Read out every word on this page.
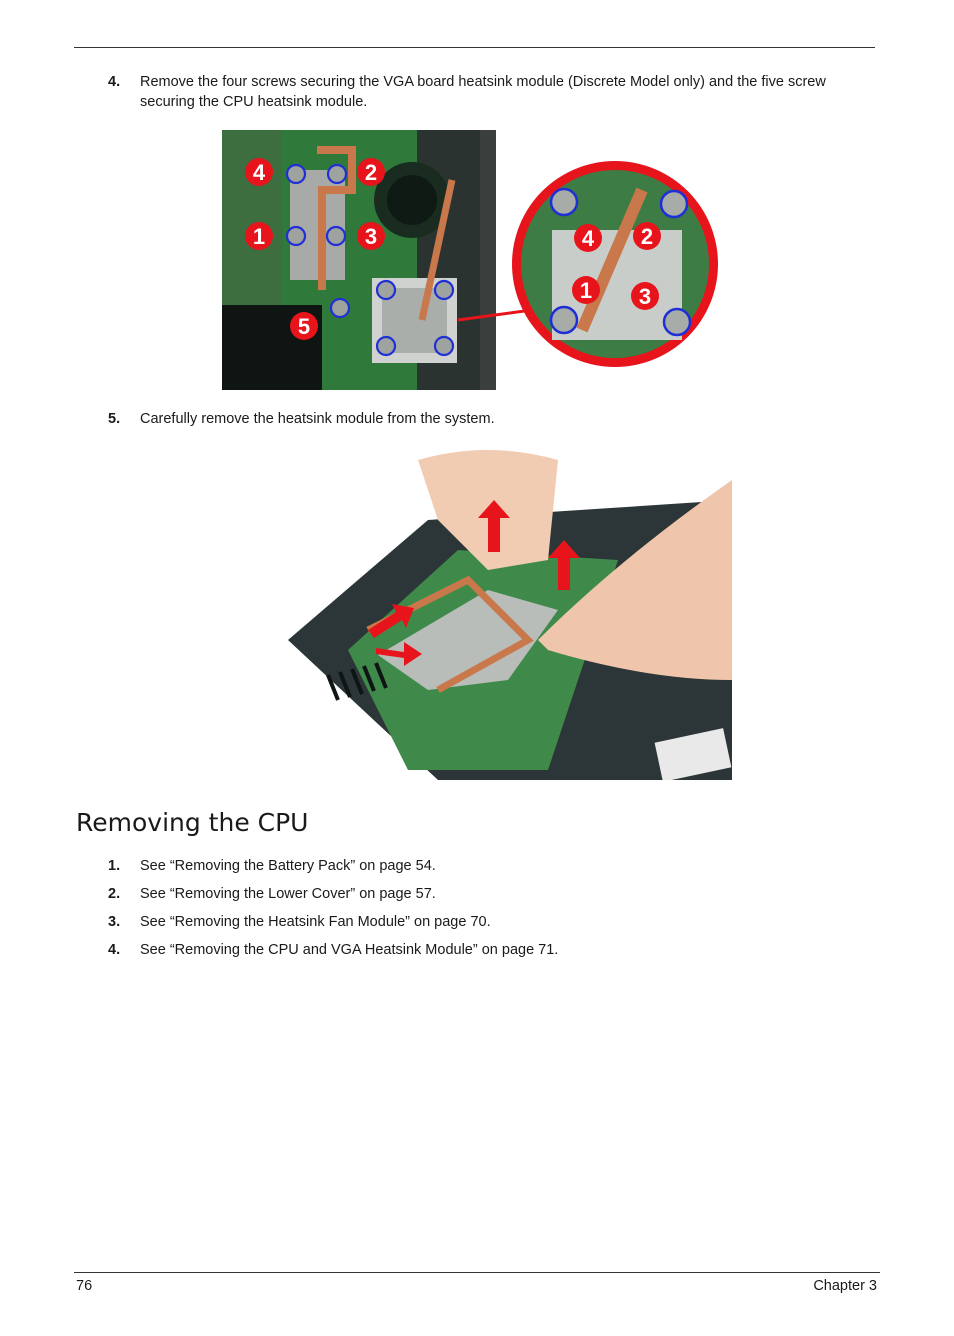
4. Remove the four screws securing the VGA board heatsink module (Discrete Model only) and the five screw securing the CPU heatsink module.
4	2
1	3
5
4 2
1 3
5. Carefully remove the heatsink module from the system.
Removing the CPU
1. See “Removing the Battery Pack” on page 54.
2. See “Removing the Lower Cover” on page 57.
3. See “Removing the Heatsink Fan Module” on page 70.
4. See “Removing the CPU and VGA Heatsink Module” on page 71.
76	Chapter 3
